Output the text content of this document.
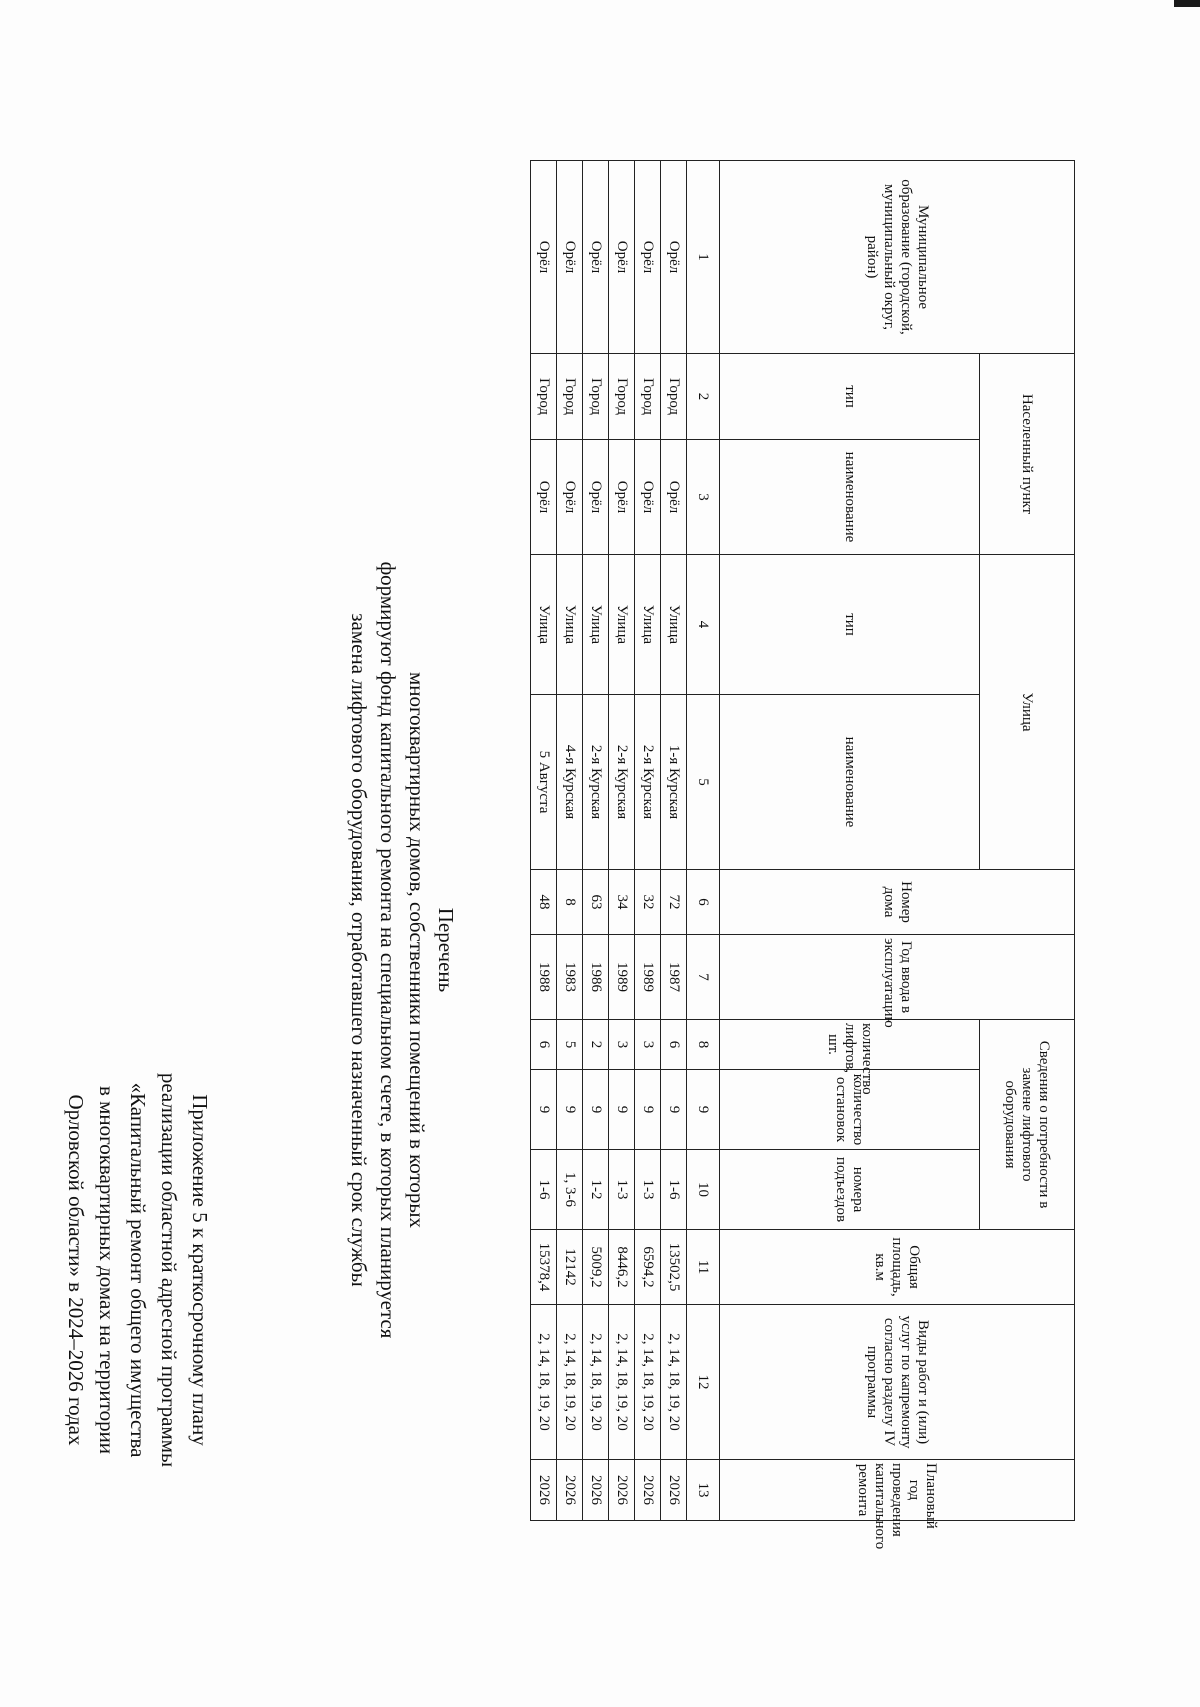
Приложение 5 к краткосрочному плану
реализации областной адресной программы
«Капитальный ремонт общего имущества
в многоквартирных домах на территории
Орловской области» в 2024–2026 годах
Перечень
многоквартирных домов, собственники помещений в которых
формируют фонд капитального ремонта на специальном счете, в которых планируется
замена лифтового оборудования, отработавшего назначенный срок службы
Муниципальное образование (городской, муниципальный округ, район)	Населенный пункт		Улица		Номер дома	Год ввода в эксплуатацию	Сведения о потребности в замене лифтового оборудования			Общая площадь, кв.м	Виды работ и (или) услуг по капремонту согласно разделу IV программы	Плановый год проведения капитального ремонта
	тип	наименование	тип	наименование			количество лифтов, шт.	количество остановок	номера подъездов			
1	2	3	4	5	6	7	8	9	10	11	12	13
Орёл	Город	Орёл	Улица	1-я Курская	72	1987	6	9	1-6	13502,5	2, 14, 18, 19, 20	2026
Орёл	Город	Орёл	Улица	2-я Курская	32	1989	3	9	1-3	6594,2	2, 14, 18, 19, 20	2026
Орёл	Город	Орёл	Улица	2-я Курская	34	1989	3	9	1-3	8446,2	2, 14, 18, 19, 20	2026
Орёл	Город	Орёл	Улица	2-я Курская	63	1986	2	9	1-2	5009,2	2, 14, 18, 19, 20	2026
Орёл	Город	Орёл	Улица	4-я Курская	8	1983	5	9	1, 3-6	12142	2, 14, 18, 19, 20	2026
Орёл	Город	Орёл	Улица	5 Августа	48	1988	6	9	1-6	15378,4	2, 14, 18, 19, 20	2026
